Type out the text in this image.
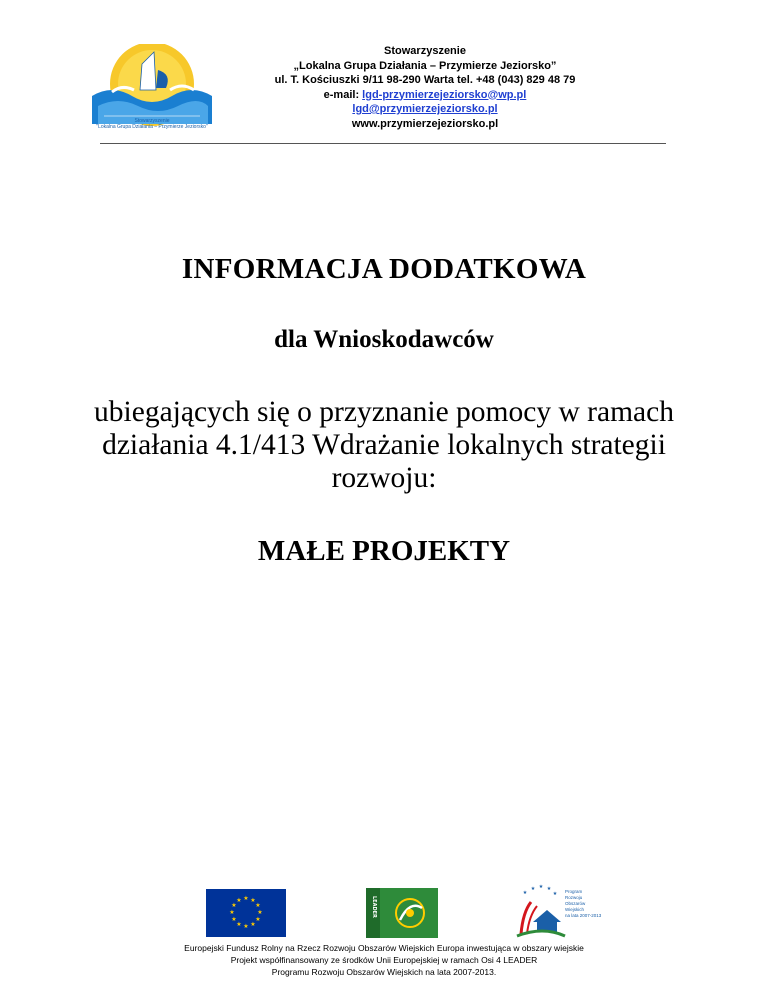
Stowarzyszenie
"Lokalna Grupa Działania – Przymierze Jeziorsko"
Stowarzyszenie
„Lokalna Grupa Działania – Przymierze Jeziorsko”
ul. T. Kościuszki 9/11 98-290 Warta tel. +48 (043) 829 48 79
e-mail: lgd-przymierzejeziorsko@wp.pl
lgd@przymierzejeziorsko.pl
www.przymierzejeziorsko.pl
INFORMACJA DODATKOWA
dla Wnioskodawców
ubiegających się o przyznanie pomocy w ramach działania 4.1/413 Wdrażanie lokalnych strategii rozwoju:
MAŁE PROJEKTY
★ ★
★
★
★
★
★
★
★
★
★
★	LEADER
★ ★ ★
★	★ Program
Rozwoju
Obszarów
Wiejskich
na lata 2007-2013
Europejski Fundusz Rolny na Rzecz Rozwoju Obszarów Wiejskich Europa inwestująca w obszary wiejskie
Projekt współfinansowany ze środków Unii Europejskiej w ramach Osi 4 LEADER
Programu Rozwoju Obszarów Wiejskich na lata 2007-2013.
